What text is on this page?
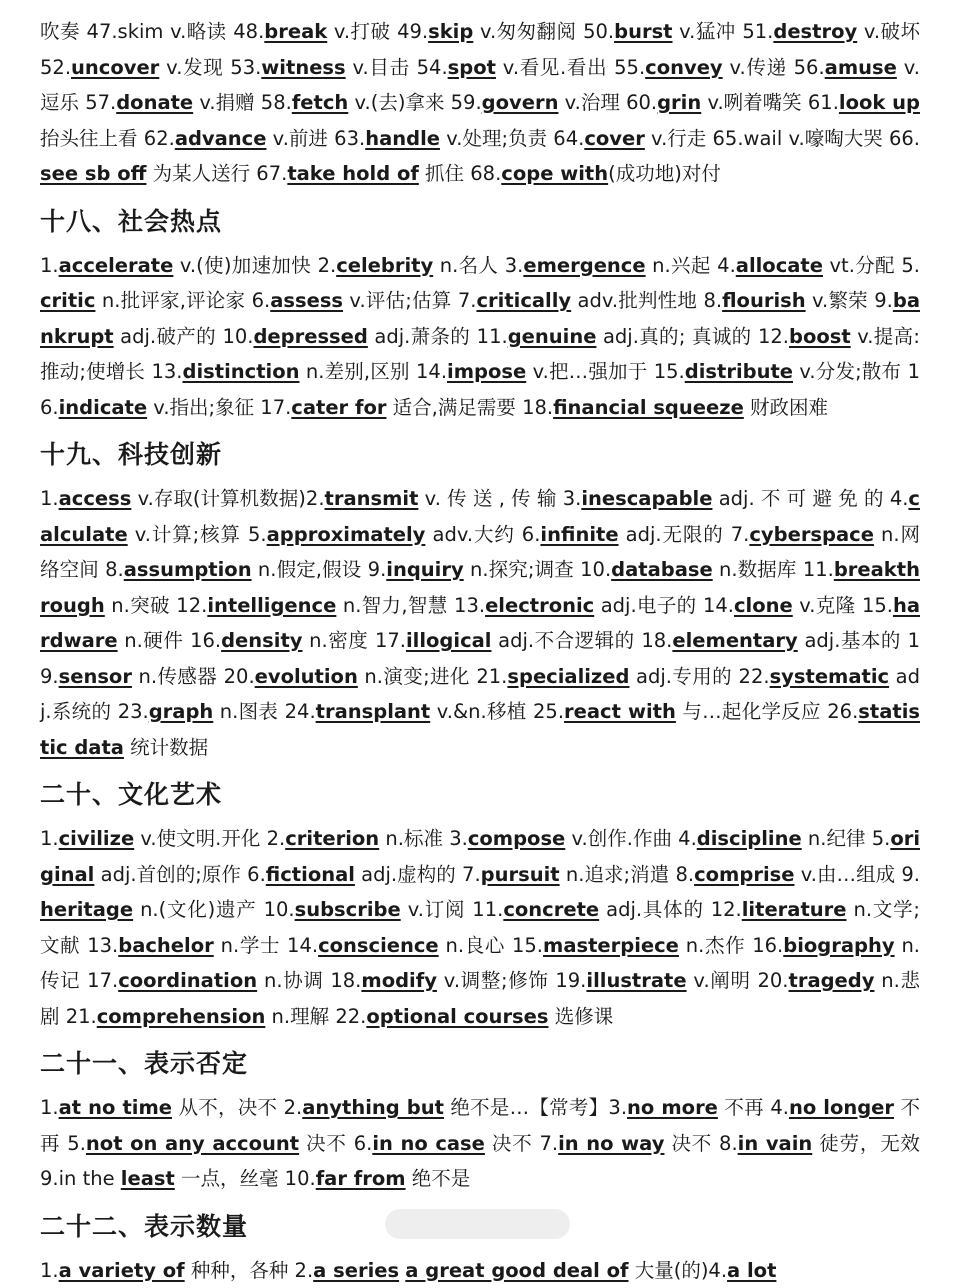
吹奏 47.skim v.略读 48.break v.打破 49.skip v.匆匆翻阅 50.burst v.猛冲 51.destroy v.破坏 52.uncover v.发现 53.witness v.目击 54.spot v.看见.看出 55.convey v.传递 56.amuse v.逗乐 57.donate v.捐赠 58.fetch v.(去)拿来 59.govern v.治理 60.grin v.咧着嘴笑 61.look up 抬头往上看 62.advance v.前进 63.handle v.处理;负责 64.cover v.行走 65.wail v.嚎啕大哭 66.see sb off 为某人送行 67.take hold of 抓住 68.cope with(成功地)对付

十八、社会热点

1.accelerate v.(使)加速加快 2.celebrity n.名人 3.emergence n.兴起 4.allocate vt.分配 5.critic n.批评家,评论家 6.assess v.评估;估算 7.critically adv.批判性地 8.flourish v.繁荣 9.bankrupt adj.破产的 10.depressed adj.萧条的 11.genuine adj.真的; 真诚的 12.boost v.提高:推动;使增长 13.distinction n.差别,区别 14.impose v.把…强加于 15.distribute v.分发;散布 16.indicate v.指出;象征 17.cater for 适合,满足需要 18.financial squeeze 财政困难

十九、科技创新

1.access v.存取(计算机数据)2.transmit v. 传 送 , 传 输 3.inescapable adj. 不 可 避 免 的 4.calculate v.计算;核算 5.approximately adv.大约 6.infinite adj.无限的 7.cyberspace n.网络空间 8.assumption n.假定,假设 9.inquiry n.探究;调查 10.database n.数据库 11.breakthrough n.突破 12.intelligence n.智力,智慧 13.electronic adj.电子的 14.clone v.克隆 15.hardware n.硬件 16.density n.密度 17.illogical adj.不合逻辑的 18.elementary adj.基本的 19.sensor n.传感器 20.evolution n.演变;进化 21.specialized adj.专用的 22.systematic adj.系统的 23.graph n.图表 24.transplant v.&n.移植 25.react with 与…起化学反应 26.statistic data 统计数据

二十、文化艺术

1.civilize v.使文明.开化 2.criterion n.标准 3.compose v.创作.作曲 4.discipline n.纪律 5.original adj.首创的;原作 6.fictional adj.虚构的 7.pursuit n.追求;消遣 8.comprise v.由…组成 9.heritage n.(文化)遗产 10.subscribe v.订阅 11.concrete adj.具体的 12.literature n.文学;文献 13.bachelor n.学士 14.conscience n.良心 15.masterpiece n.杰作 16.biography n.传记 17.coordination n.协调 18.modify v.调整;修饰 19.illustrate v.阐明 20.tragedy n.悲剧 21.comprehension n.理解 22.optional courses 选修课

二十一、表示否定

1.at no time 从不，决不 2.anything but 绝不是…【常考】3.no more 不再 4.no longer 不再 5.not on any account 决不 6.in no case 决不 7.in no way 决不 8.in vain 徒劳，无效 9.in the least 一点，丝毫 10.far from 绝不是

二十二、表示数量

1.a variety of 种种，各种 2.a series a great good deal of 大量(的)4.a lot
